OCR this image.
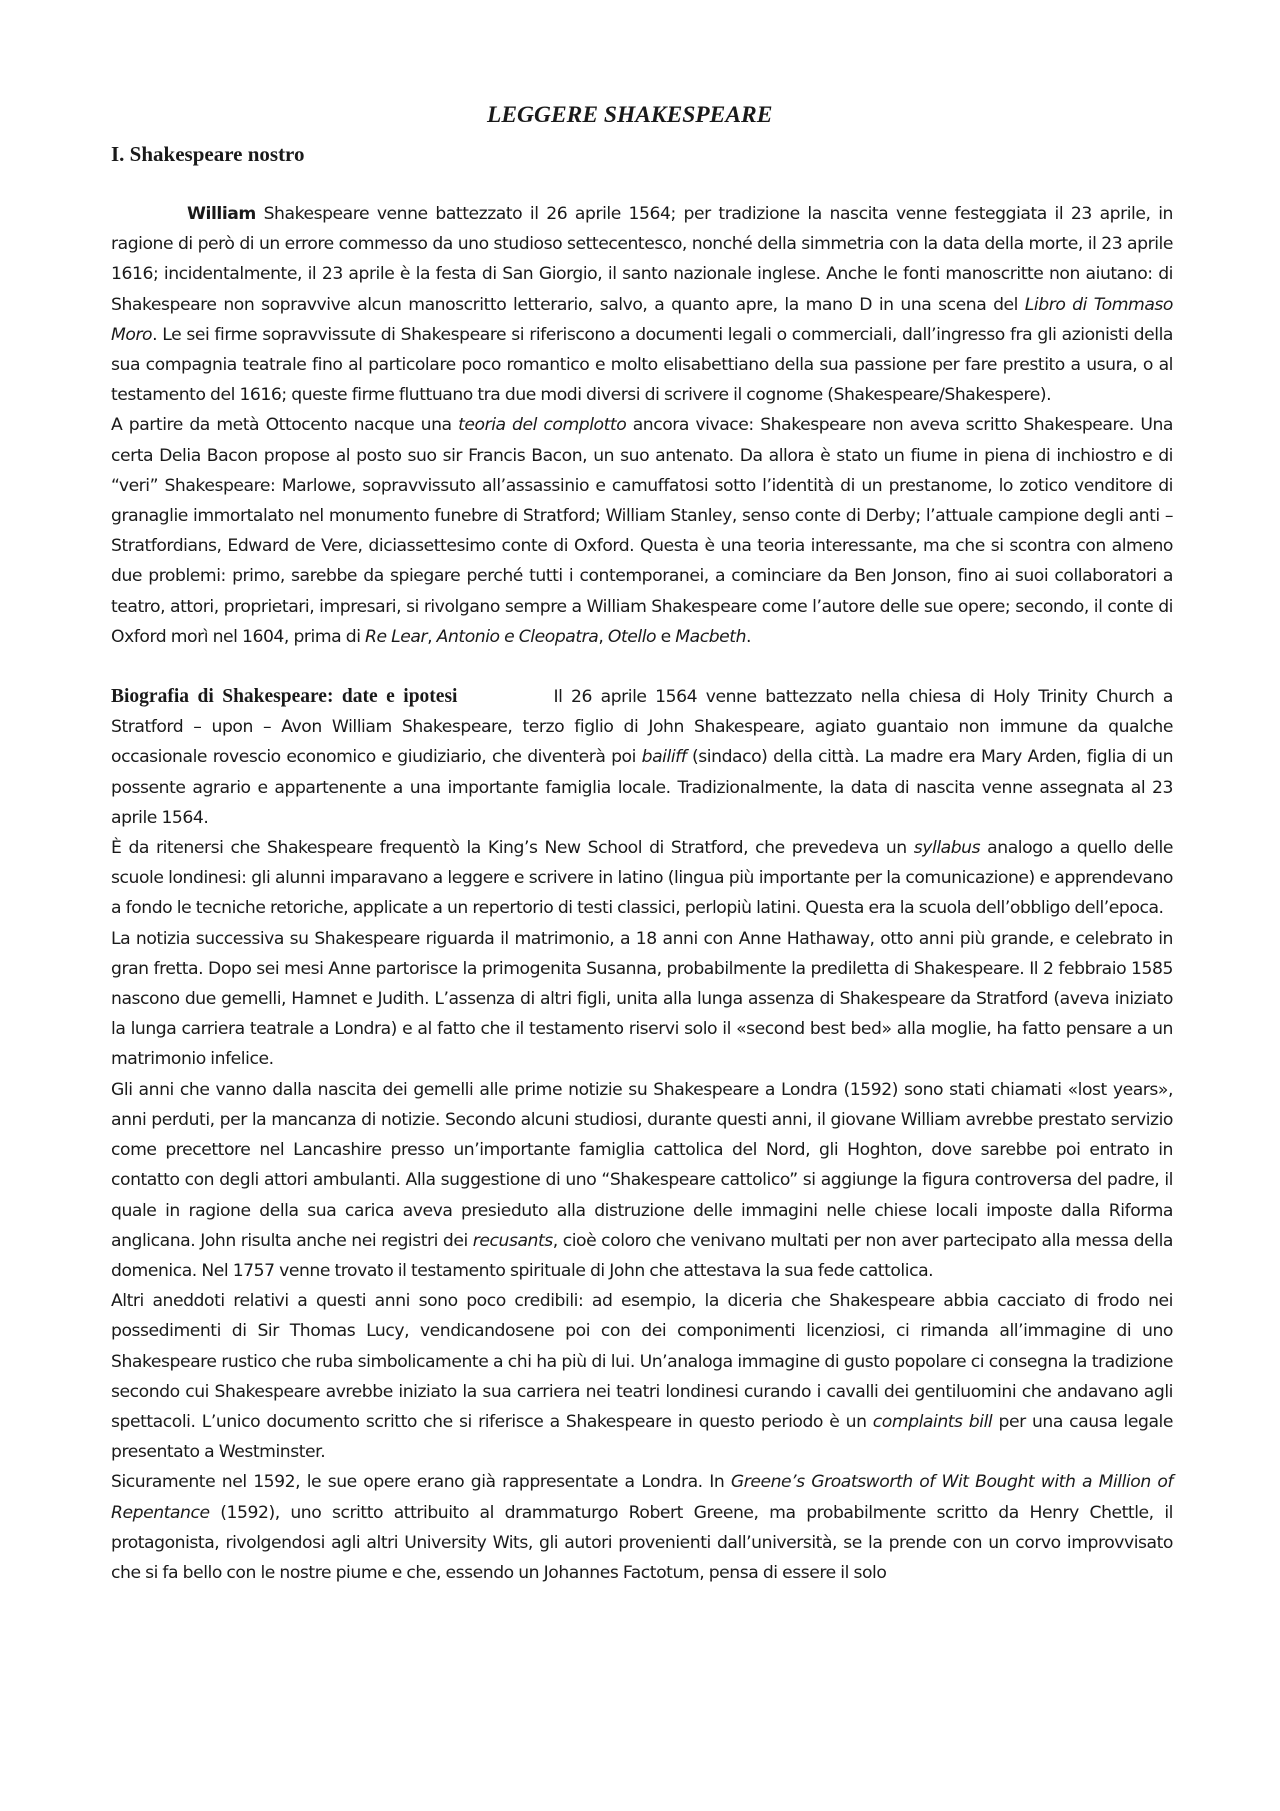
LEGGERE SHAKESPEARE
I. Shakespeare nostro

William Shakespeare venne battezzato il 26 aprile 1564; per tradizione la nascita venne festeggiata il 23 aprile, in ragione di però di un errore commesso da uno studioso settecentesco, nonché della simmetria con la data della morte, il 23 aprile 1616; incidentalmente, il 23 aprile è la festa di San Giorgio, il santo nazionale inglese. Anche le fonti manoscritte non aiutano: di Shakespeare non sopravvive alcun manoscritto letterario, salvo, a quanto apre, la mano D in una scena del Libro di Tommaso Moro. Le sei firme sopravvissute di Shakespeare si riferiscono a documenti legali o commerciali, dall’ingresso fra gli azionisti della sua compagnia teatrale fino al particolare poco romantico e molto elisabettiano della sua passione per fare prestito a usura, o al testamento del 1616; queste firme fluttuano tra due modi diversi di scrivere il cognome (Shakespeare/Shakespere).

A partire da metà Ottocento nacque una teoria del complotto ancora vivace: Shakespeare non aveva scritto Shakespeare. Una certa Delia Bacon propose al posto suo sir Francis Bacon, un suo antenato. Da allora è stato un fiume in piena di inchiostro e di “veri” Shakespeare: Marlowe, sopravvissuto all’assassinio e camuffatosi sotto l’identità di un prestanome, lo zotico venditore di granaglie immortalato nel monumento funebre di Stratford; William Stanley, senso conte di Derby; l’attuale campione degli anti – Stratfordians, Edward de Vere, diciassettesimo conte di Oxford. Questa è una teoria interessante, ma che si scontra con almeno due problemi: primo, sarebbe da spiegare perché tutti i contemporanei, a cominciare da Ben Jonson, fino ai suoi collaboratori a teatro, attori, proprietari, impresari, si rivolgano sempre a William Shakespeare come l’autore delle sue opere; secondo, il conte di Oxford morì nel 1604, prima di Re Lear, Antonio e Cleopatra, Otello e Macbeth.

Biografia di Shakespeare: date e ipotesi	Il 26 aprile 1564 venne battezzato nella chiesa di Holy Trinity Church a Stratford – upon – Avon William Shakespeare, terzo figlio di John Shakespeare, agiato guantaio non immune da qualche occasionale rovescio economico e giudiziario, che diventerà poi bailiff (sindaco) della città. La madre era Mary Arden, figlia di un possente agrario e appartenente a una importante famiglia locale. Tradizionalmente, la data di nascita venne assegnata al 23 aprile 1564.

È da ritenersi che Shakespeare frequentò la King’s New School di Stratford, che prevedeva un syllabus analogo a quello delle scuole londinesi: gli alunni imparavano a leggere e scrivere in latino (lingua più importante per la comunicazione) e apprendevano a fondo le tecniche retoriche, applicate a un repertorio di testi classici, perlopiù latini. Questa era la scuola dell’obbligo dell’epoca.

La notizia successiva su Shakespeare riguarda il matrimonio, a 18 anni con Anne Hathaway, otto anni più grande, e celebrato in gran fretta. Dopo sei mesi Anne partorisce la primogenita Susanna, probabilmente la prediletta di Shakespeare. Il 2 febbraio 1585 nascono due gemelli, Hamnet e Judith. L’assenza di altri figli, unita alla lunga assenza di Shakespeare da Stratford (aveva iniziato la lunga carriera teatrale a Londra) e al fatto che il testamento riservi solo il «second best bed» alla moglie, ha fatto pensare a un matrimonio infelice.

Gli anni che vanno dalla nascita dei gemelli alle prime notizie su Shakespeare a Londra (1592) sono stati chiamati «lost years», anni perduti, per la mancanza di notizie. Secondo alcuni studiosi, durante questi anni, il giovane William avrebbe prestato servizio come precettore nel Lancashire presso un’importante famiglia cattolica del Nord, gli Hoghton, dove sarebbe poi entrato in contatto con degli attori ambulanti. Alla suggestione di uno “Shakespeare cattolico” si aggiunge la figura controversa del padre, il quale in ragione della sua carica aveva presieduto alla distruzione delle immagini nelle chiese locali imposte dalla Riforma anglicana. John risulta anche nei registri dei recusants, cioè coloro che venivano multati per non aver partecipato alla messa della domenica. Nel 1757 venne trovato il testamento spirituale di John che attestava la sua fede cattolica.

Altri aneddoti relativi a questi anni sono poco credibili: ad esempio, la diceria che Shakespeare abbia cacciato di frodo nei possedimenti di Sir Thomas Lucy, vendicandosene poi con dei componimenti licenziosi, ci rimanda all’immagine di uno Shakespeare rustico che ruba simbolicamente a chi ha più di lui. Un’analoga immagine di gusto popolare ci consegna la tradizione secondo cui Shakespeare avrebbe iniziato la sua carriera nei teatri londinesi curando i cavalli dei gentiluomini che andavano agli spettacoli. L’unico documento scritto che si riferisce a Shakespeare in questo periodo è un complaints bill per una causa legale presentato a Westminster.

Sicuramente nel 1592, le sue opere erano già rappresentate a Londra. In Greene’s Groatsworth of Wit Bought with a Million of Repentance (1592), uno scritto attribuito al drammaturgo Robert Greene, ma probabilmente scritto da Henry Chettle, il protagonista, rivolgendosi agli altri University Wits, gli autori provenienti dall’università, se la prende con un corvo improvvisato che si fa bello con le nostre piume e che, essendo un Johannes Factotum, pensa di essere il solo
